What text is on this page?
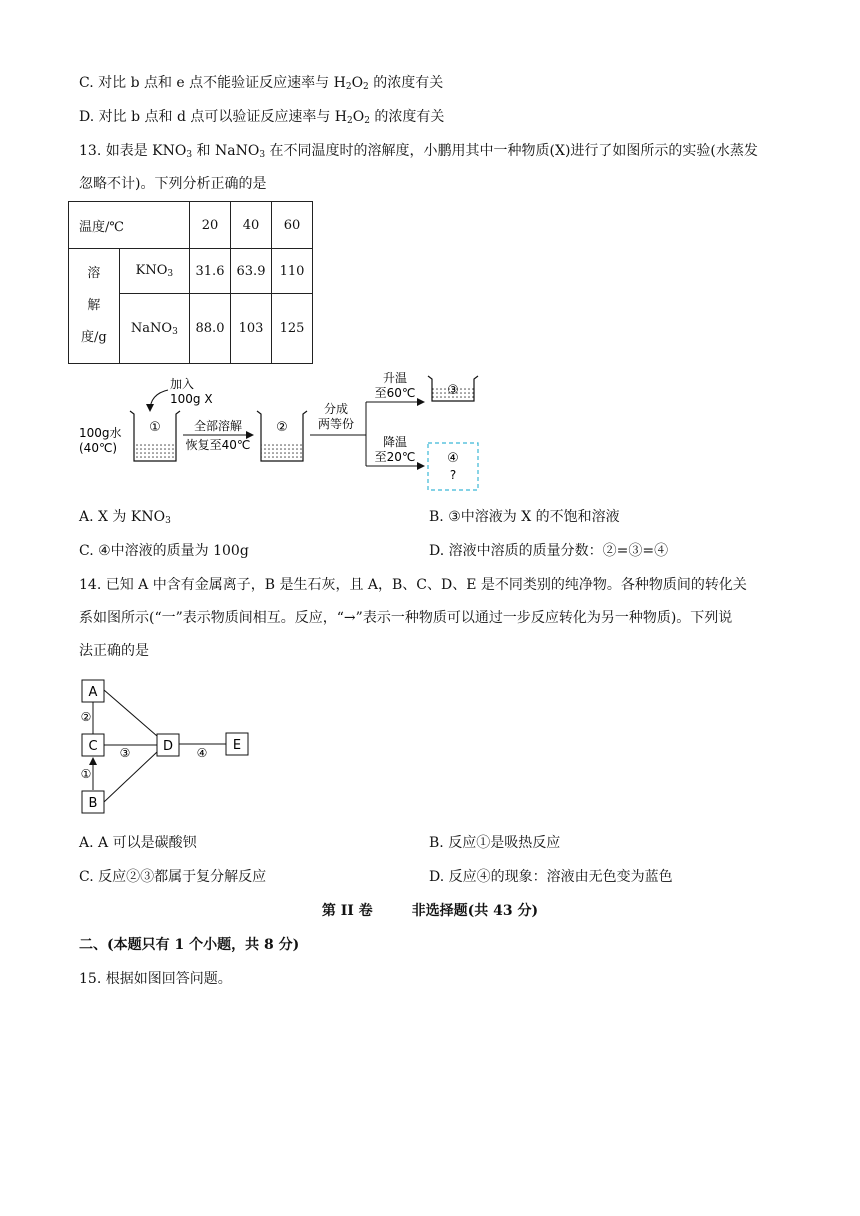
C. 对比 b 点和 e 点不能验证反应速率与 $H_2O_2$ 的浓度有关
D. 对比 b 点和 d 点可以验证反应速率与 $H_2O_2$ 的浓度有关
13. 如表是 $KNO_3$ 和 NaNO$_3$ 在不同温度时的溶解度，小鹏用其中一种物质(X)进行了如图所示的实验(水蒸发
忽略不计)。下列分析正确的是
温度/℃		20	40	60

溶
解
度/g	$KNO_3$	31.6	63.9	110
	NaNO$_3$	88.0	103	125
加入
100g X
100g水
(40℃)
①	全部溶解
恢复至40℃
②
分成
两等份
升温
至60℃
降温
至20℃
③
④
?
A. X 为 $KNO_3$	B. ③中溶液为 X 的不饱和溶液
C. ④中溶液的质量为 100g	D. 溶液中溶质的质量分数：②=③=④
14. 已知 A 中含有金属离子，B 是生石灰，且 A，B、C、D、E 是不同类别的纯净物。各种物质间的转化关
系如图所示(“一”表示物质间相互。反应，“→”表示一种物质可以通过一步反应转化为另一种物质)。下列说
法正确的是
A
C
B
D	E
②
③	④
①
A. A 可以是碳酸钡	B. 反应①是吸热反应
C. 反应②③都属于复分解反应	D. 反应④的现象：溶液由无色变为蓝色
第 II 卷        非选择题(共 43 分)
二、(本题只有 1 个小题，共 8 分)
15. 根据如图回答问题。
